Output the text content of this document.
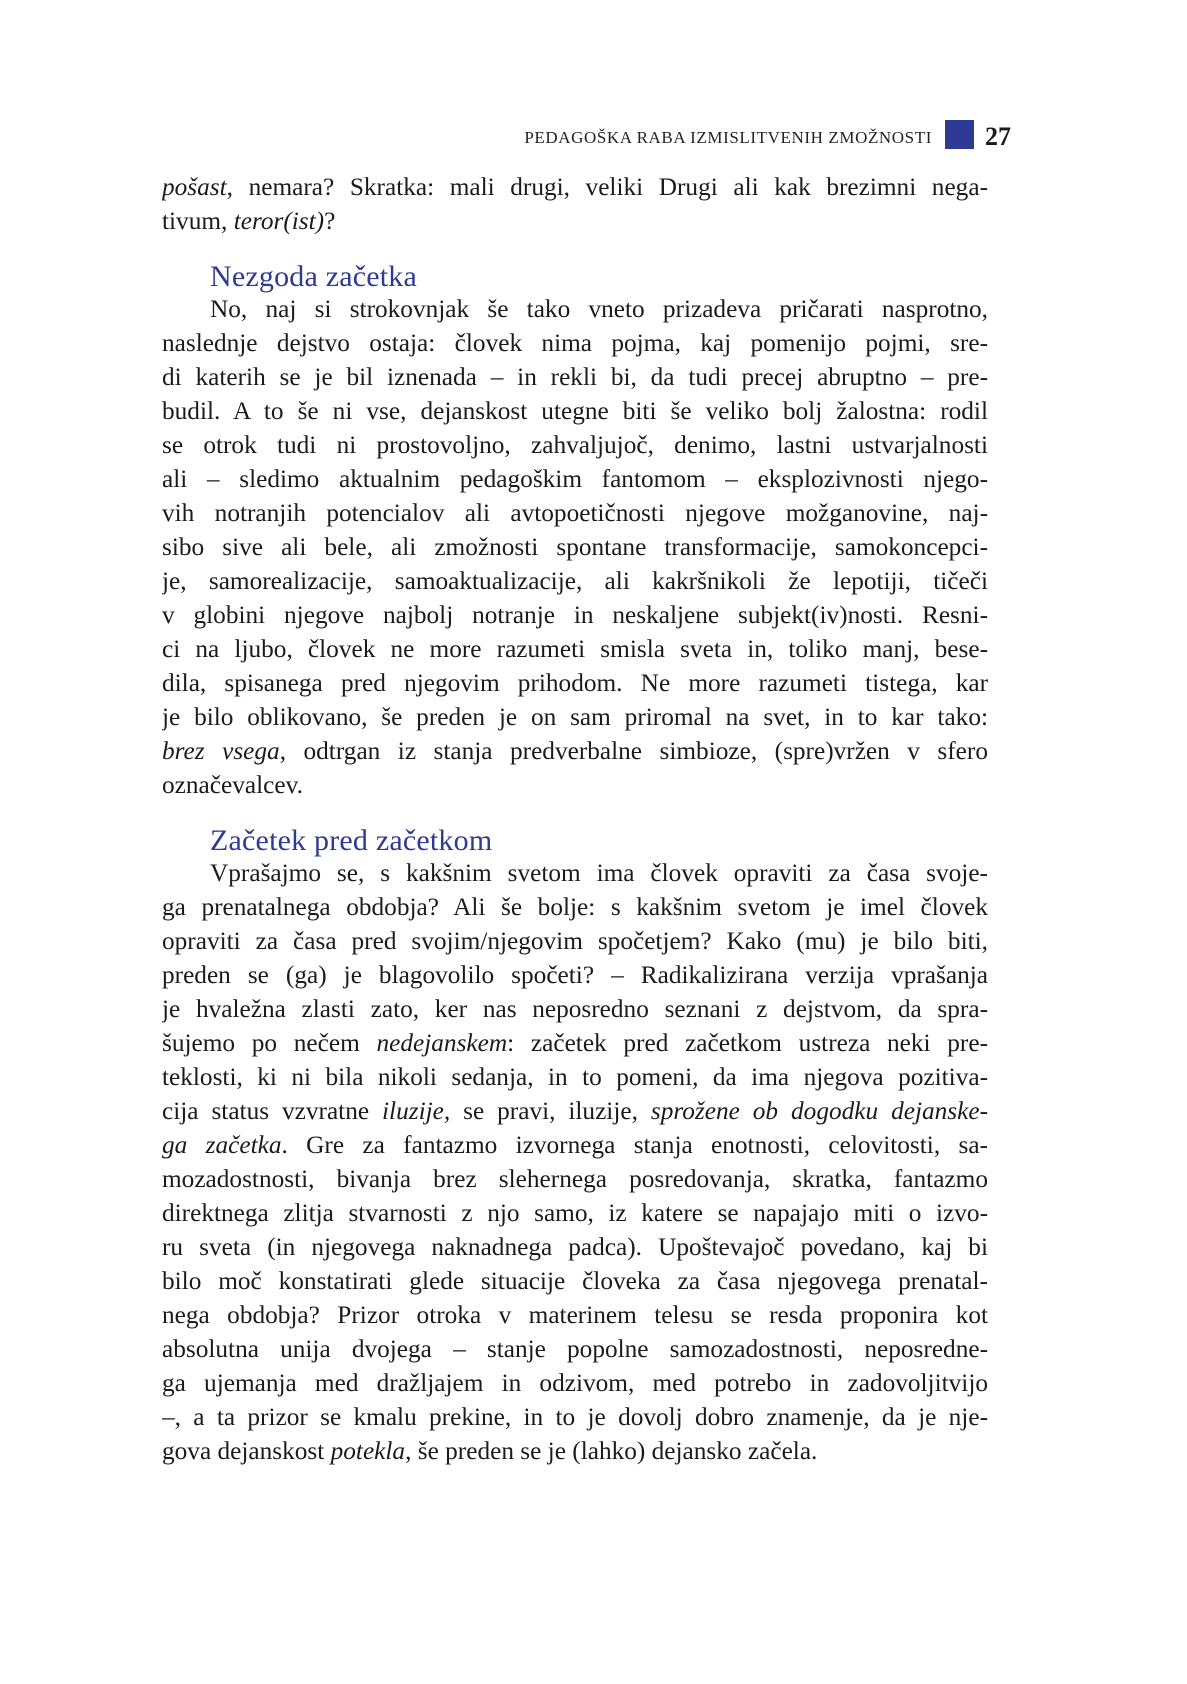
PEDAGOŠKA RABA IZMISLITVENIH ZMOŽNOSTI 27
pošast, nemara? Skratka: mali drugi, veliki Drugi ali kak brezimni nega-
tivum, teror(ist)?
Nezgoda začetka
No, naj si strokovnjak še tako vneto prizadeva pričarati nasprotno,
naslednje dejstvo ostaja: človek nima pojma, kaj pomenijo pojmi, sre-
di katerih se je bil iznenada – in rekli bi, da tudi precej abruptno – pre-
budil. A to še ni vse, dejanskost utegne biti še veliko bolj žalostna: rodil
se otrok tudi ni prostovoljno, zahvaljujoč, denimo, lastni ustvarjalnosti
ali – sledimo aktualnim pedagoškim fantomom – eksplozivnosti njego-
vih notranjih potencialov ali avtopoetičnosti njegove možganovine, naj-
sibo sive ali bele, ali zmožnosti spontane transformacije, samokoncepci-
je, samorealizacije, samoaktualizacije, ali kakršnikoli že lepotiji, tičeči
v globini njegove najbolj notranje in neskaljene subjekt(iv)nosti. Resni-
ci na ljubo, človek ne more razumeti smisla sveta in, toliko manj, bese-
dila, spisanega pred njegovim prihodom. Ne more razumeti tistega, kar
je bilo oblikovano, še preden je on sam priromal na svet, in to kar tako:
brez vsega, odtrgan iz stanja predverbalne simbioze, (spre)vržen v sfero
označevalcev.
Začetek pred začetkom
Vprašajmo se, s kakšnim svetom ima človek opraviti za časa svoje-
ga prenatalnega obdobja? Ali še bolje: s kakšnim svetom je imel človek
opraviti za časa pred svojim/njegovim spočetjem? Kako (mu) je bilo biti,
preden se (ga) je blagovolilo spočeti? – Radikalizirana verzija vprašanja
je hvaležna zlasti zato, ker nas neposredno seznani z dejstvom, da spra-
šujemo po nečem nedejanskem: začetek pred začetkom ustreza neki pre-
teklosti, ki ni bila nikoli sedanja, in to pomeni, da ima njegova pozitiva-
cija status vzvratne iluzije, se pravi, iluzije, sprožene ob dogodku dejanske-
ga začetka. Gre za fantazmo izvornega stanja enotnosti, celovitosti, sa-
mozadostnosti, bivanja brez slehernega posredovanja, skratka, fantazmo
direktnega zlitja stvarnosti z njo samo, iz katere se napajajo miti o izvo-
ru sveta (in njegovega naknadnega padca). Upoštevajoč povedano, kaj bi
bilo moč konstatirati glede situacije človeka za časa njegovega prenatal-
nega obdobja? Prizor otroka v materinem telesu se resda proponira kot
absolutna unija dvojega – stanje popolne samozadostnosti, neposredne-
ga ujemanja med dražljajem in odzivom, med potrebo in zadovoljitvijo
–, a ta prizor se kmalu prekine, in to je dovolj dobro znamenje, da je nje-
gova dejanskost potekla, še preden se je (lahko) dejansko začela.
